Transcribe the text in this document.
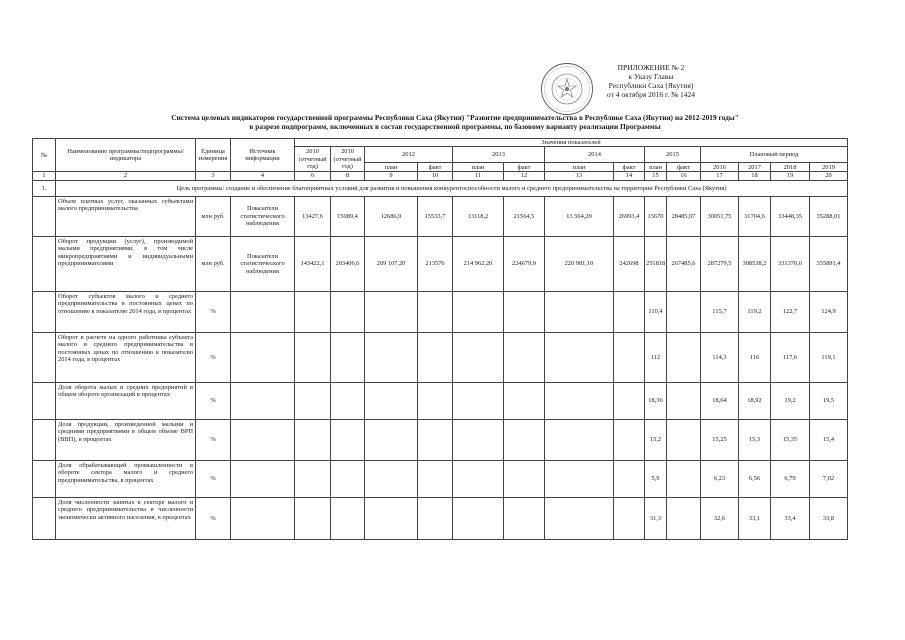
ПРИЛОЖЕНИЕ № 2
к Указу Главы
Республики Саха (Якутия)
от 4 октября 2016 г. № 1424
Система целевых индикаторов государственной программы Республики Саха (Якутия) "Развитие предпринимательства в Республике Саха (Якутия) на 2012-2019 годы"
в разрезе подпрограмм, включенных в состав государственной программы, по базовому варианту реализации Программы
№	Наименование программы/подпрограммы/индикатора	Единица измерения	Источник информации	Значения показателей													
				2010 (отчетный год)	2010 (отчетный год)	2012		2013		2014		2015		Плановый период			
						план	факт	план	факт	план	факт	план	факт	2016	2017	2018	2019
1	2	3	4	6	8	9	10	11	12	13	14	15	16	17	18	19	20
1.	Цель программы: создание и обеспечение благоприятных условий для развития и повышения конкурентоспособности малого и среднего предпринимательства на территории Республики Саха (Якутия)																
	Объем платных услуг, оказанных субъектами малого предпринимательства	млн руб.	Показатели статистического наблюдения	13427,6	15089,4	12686,9	15533,7	13118,2	21564,5	13 564,20	26993,4	15670	28485,07	30051,75	31704,6	33448,35	35288,01
	Оборот продукции (услуг), производимой малыми предприятиями, в том числе микропредприятиями и индивидуальными предпринимателями	млн руб.	Показатели статистического наблюдения	143422,1	203406,6	209 107,20	213576	214 962,20	224679,9	220 981,10	242698	251818	267485,6	287279,5	308538,2	331370,0	355891,4
	Оборот субъектов малого и среднего предпринимательства в постоянных ценах по отношению к показателю 2014 года, в процентах	%										110,4		115,7	119,2	122,7	124,9
	Оборот в расчете на одного работника субъекта малого и среднего предпринимательства в постоянных ценах по отношению к показателю 2014 года, в процентах	%										112		114,3	116	117,6	119,1
	Доля оборота малых и средних предприятий в общем обороте организаций в процентах	%										18,36		18,64	18,92	19,2	19,5
	Доля продукции, произведенной малыми и средними предприятиями в общем объеме ВРП (ВВП), в процентах	%										15,2		15,25	15,3	15,35	15,4
	Доля обрабатывающей промышленности в обороте сектора малого и среднего предпринимательства, в процентах	%										5,9		6,23	6,56	6,79	7,02
	Доля численности занятых в секторе малого и среднего предпринимательства в численности экономически активного населения, в процентах	%										31,3		32,6	33,1	33,4	33,8
